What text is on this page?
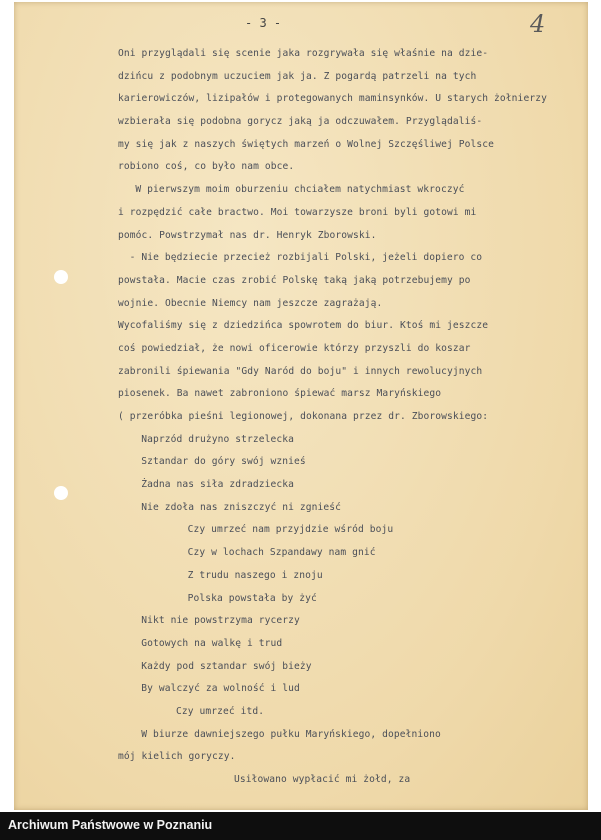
- 3 -	4
Oni przyglądali się scenie jaka rozgrywała się właśnie na dzie-
dzińcu z podobnym uczuciem jak ja. Z pogardą patrzeli na tych
karierowiczów, lizipałów i protegowanych maminsynków. U starych żołnierzy
wzbierała się podobna gorycz jaką ja odczuwałem. Przyglądaliś-
my się jak z naszych świętych marzeń o Wolnej Szczęśliwej Polsce
robiono coś, co było nam obce.
W pierwszym moim oburzeniu chciałem natychmiast wkroczyć
i rozpędzić całe bractwo. Moi towarzysze broni byli gotowi mi
pomóc. Powstrzymał nas dr. Henryk Zborowski.
- Nie będziecie przecież rozbijali Polski, jeżeli dopiero co
powstała. Macie czas zrobić Polskę taką jaką potrzebujemy po
wojnie. Obecnie Niemcy nam jeszcze zagrażają.
Wycofaliśmy się z dziedzińca spowrotem do biur. Ktoś mi jeszcze
coś powiedział, że nowi oficerowie którzy przyszli do koszar
zabronili śpiewania "Gdy Naród do boju" i innych rewolucyjnych
piosenek. Ba nawet zabroniono śpiewać marsz Maryńskiego
( przeróbka pieśni legionowej, dokonana przez dr. Zborowskiego:
Naprzód drużyno strzelecka
Sztandar do góry swój wznieś
Żadna nas siła zdradziecka
Nie zdoła nas zniszczyć ni zgnieść
Czy umrzeć nam przyjdzie wśród boju
Czy w lochach Szpandawy nam gnić
Z trudu naszego i znoju
Polska powstała by żyć
Nikt nie powstrzyma rycerzy
Gotowych na walkę i trud
Każdy pod sztandar swój bieży
By walczyć za wolność i lud
Czy umrzeć itd.
W biurze dawniejszego pułku Maryńskiego, dopełniono
mój kielich goryczy.
Usiłowano wypłacić mi żołd, za
Archiwum Państwowe w Poznaniu
